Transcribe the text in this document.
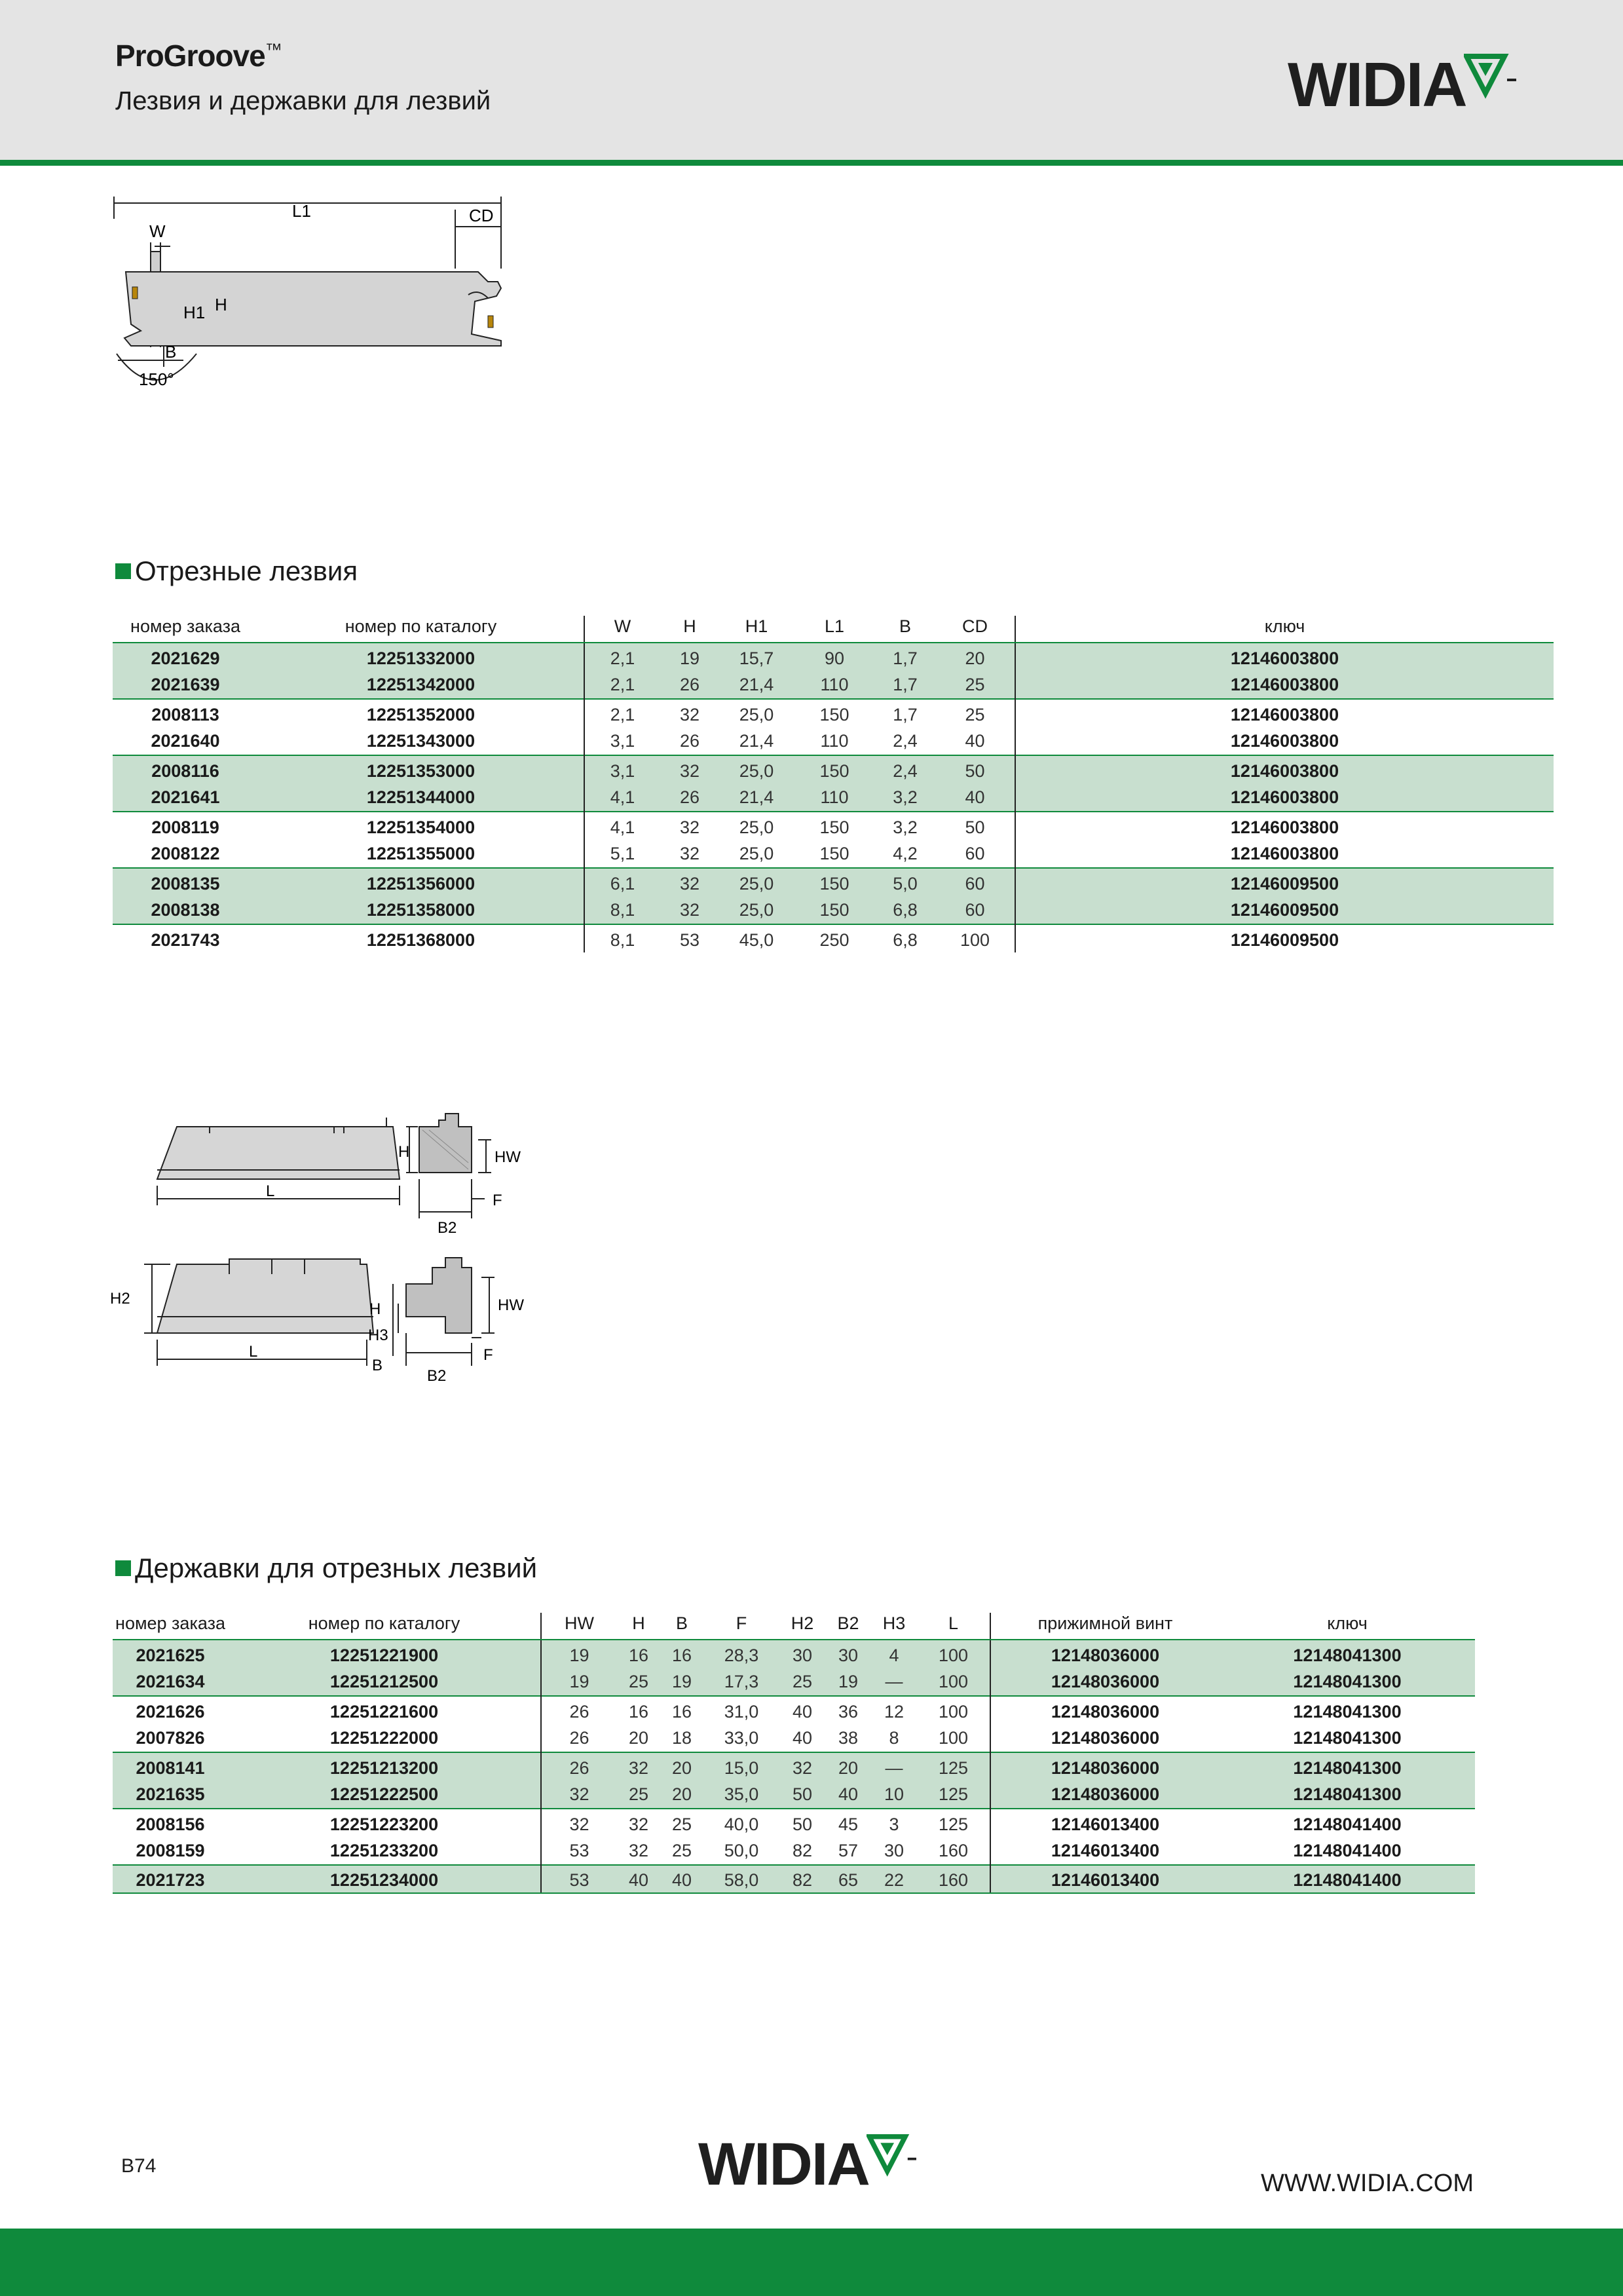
ProGroove™
Лезвия и державки для лезвий	WIDIA
L1	CD
W
H1 H
B
150°
Отрезные лезвия
номер заказа	номер по каталогу	W	H	H1	L1	B	CD	ключ
2021629	12251332000	2,1	19	15,7	90	1,7	20	12146003800
2021639	12251342000	2,1	26	21,4	110	1,7	25	12146003800
2008113	12251352000	2,1	32	25,0	150	1,7	25	12146003800
2021640	12251343000	3,1	26	21,4	110	2,4	40	12146003800
2008116	12251353000	3,1	32	25,0	150	2,4	50	12146003800
2021641	12251344000	4,1	26	21,4	110	3,2	40	12146003800
2008119	12251354000	4,1	32	25,0	150	3,2	50	12146003800
2008122	12251355000	5,1	32	25,0	150	4,2	60	12146003800
2008135	12251356000	6,1	32	25,0	150	5,0	60	12146009500
2008138	12251358000	8,1	32	25,0	150	6,8	60	12146009500
2021743	12251368000	8,1	53	45,0	250	6,8	100	12146009500
L
H	HW
B2
F
H2
L
H
H3
B
HW
B2
F
Державки для отрезных лезвий
номер заказа	номер по каталогу	HW	H	B	F	H2	B2	H3	L	прижимной винт	ключ
2021625	12251221900	19	16	16	28,3	30	30	4	100	12148036000	12148041300
2021634	12251212500	19	25	19	17,3	25	19	—	100	12148036000	12148041300
2021626	12251221600	26	16	16	31,0	40	36	12	100	12148036000	12148041300
2007826	12251222000	26	20	18	33,0	40	38	8	100	12148036000	12148041300
2008141	12251213200	26	32	20	15,0	32	20	—	125	12148036000	12148041300
2021635	12251222500	32	25	20	35,0	50	40	10	125	12148036000	12148041300
2008156	12251223200	32	32	25	40,0	50	45	3	125	12146013400	12148041400
2008159	12251233200	53	32	25	50,0	82	57	30	160	12146013400	12148041400
2021723	12251234000	53	40	40	58,0	82	65	22	160	12146013400	12148041400
B74	WIDIA	WWW.WIDIA.COM
